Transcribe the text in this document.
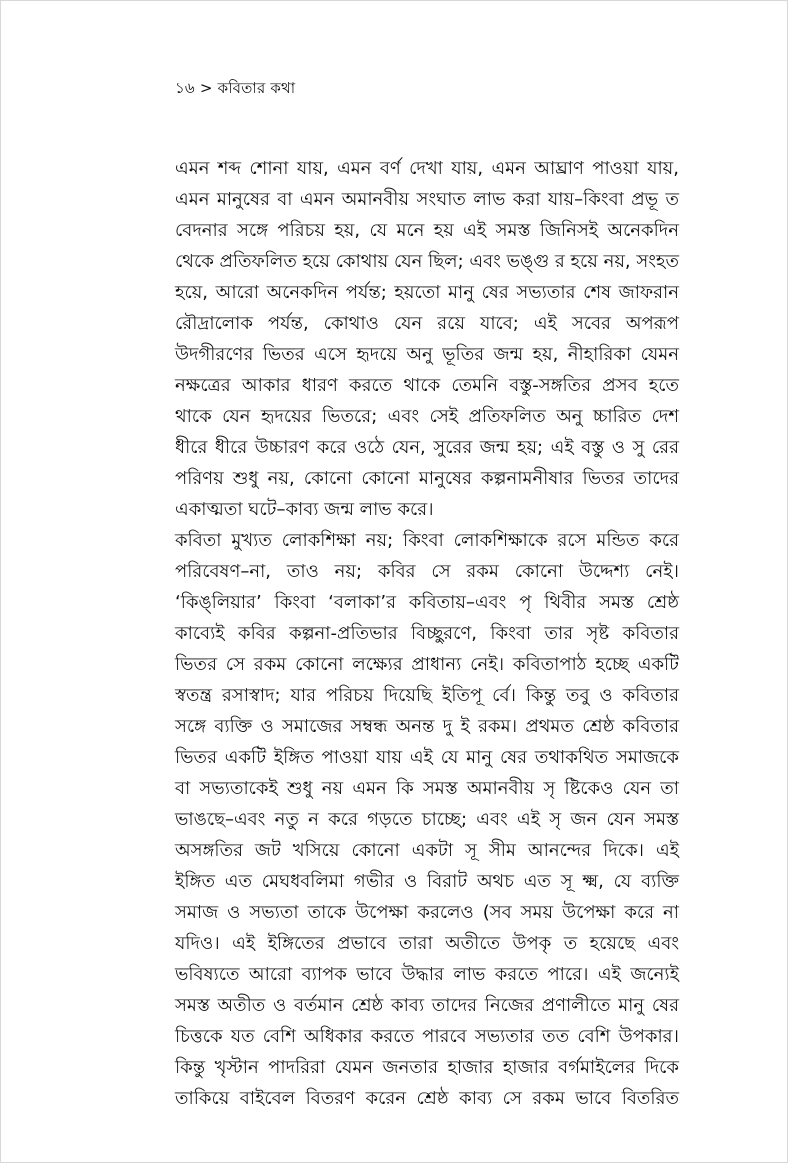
১৬ > কবিতার কথা
এমন শব্দ শোনা যায়, এমন বর্ণ দেখা যায়, এমন আঘ্রাণ পাওয়া যায়,
এমন মানুষের বা এমন অমানবীয় সংঘাত লাভ করা যায়–কিংবা প্রভূ ত
বেদনার সঙ্গে পরিচয় হয়, যে মনে হয় এই সমস্ত জিনিসই অনেকদিন
থেকে প্রতিফলিত হয়ে কোথায় যেন ছিল; এবং ভঙ্গু র হয়ে নয়, সংহত
হয়ে, আরো অনেকদিন পর্যন্ত; হয়তো মানু ষের সভ্যতার শেষ জাফরান
রৌদ্রালোক পর্যন্ত, কোথাও যেন রয়ে যাবে; এই সবের অপরূপ
উদগীরণের ভিতর এসে হৃদয়ে অনু ভূতির জন্ম হয়, নীহারিকা যেমন
নক্ষত্রের আকার ধারণ করতে থাকে তেমনি বস্তু-সঙ্গতির প্রসব হতে
থাকে যেন হৃদয়ের ভিতরে; এবং সেই প্রতিফলিত অনু চ্চারিত দেশ
ধীরে ধীরে উচ্চারণ করে ওঠে যেন, সুরের জন্ম হয়; এই বস্তু ও সু রের
পরিণয় শুধু নয়, কোনো কোনো মানুষের কল্পনামনীষার ভিতর তাদের
একাত্মতা ঘটে–কাব্য জন্ম লাভ করে।
কবিতা মুখ্যত লোকশিক্ষা নয়; কিংবা লোকশিক্ষাকে রসে মন্ডিত করে
পরিবেষণ–না, তাও নয়; কবির সে রকম কোনো উদ্দেশ্য নেই।
‘কিঙ্‌লিয়ার’ কিংবা ‘বলাকা’র কবিতায়–এবং পৃ থিবীর সমস্ত শ্রেষ্ঠ
কাব্যেই কবির কল্পনা-প্রতিভার বিচ্ছুরণে, কিংবা তার সৃষ্ট কবিতার
ভিতর সে রকম কোনো লক্ষ্যের প্রাধান্য নেই। কবিতাপাঠ হচ্ছে একটি
স্বতন্ত্র রসাস্বাদ; যার পরিচয় দিয়েছি ইতিপূ র্বে। কিন্তু তবু ও কবিতার
সঙ্গে ব্যক্তি ও সমাজের সম্বন্ধ অনন্ত দু ই রকম। প্রথমত শ্রেষ্ঠ কবিতার
ভিতর একটি ইঙ্গিত পাওয়া যায় এই যে মানু ষের তথাকথিত সমাজকে
বা সভ্যতাকেই শুধু নয় এমন কি সমস্ত অমানবীয় সৃ ষ্টিকেও যেন তা
ভাঙছে–এবং নতু ন করে গড়তে চাচ্ছে; এবং এই সৃ জন যেন সমস্ত
অসঙ্গতির জট খসিয়ে কোনো একটা সূ সীম আনন্দের দিকে। এই
ইঙ্গিত এত মেঘধবলিমা গভীর ও বিরাট অথচ এত সূ ক্ষ্ম, যে ব্যক্তি
সমাজ ও সভ্যতা তাকে উপেক্ষা করলেও (সব সময় উপেক্ষা করে না
যদিও। এই ইঙ্গিতের প্রভাবে তারা অতীতে উপকৃ ত হয়েছে এবং
ভবিষ্যতে আরো ব্যাপক ভাবে উদ্ধার লাভ করতে পারে। এই জন্যেই
সমস্ত অতীত ও বর্তমান শ্রেষ্ঠ কাব্য তাদের নিজের প্রণালীতে মানু ষের
চিত্তকে যত বেশি অধিকার করতে পারবে সভ্যতার তত বেশি উপকার।
কিন্তু খৃস্টান পাদরিরা যেমন জনতার হাজার হাজার বর্গমাইলের দিকে
তাকিয়ে বাইবেল বিতরণ করেন শ্রেষ্ঠ কাব্য সে রকম ভাবে বিতরিত
